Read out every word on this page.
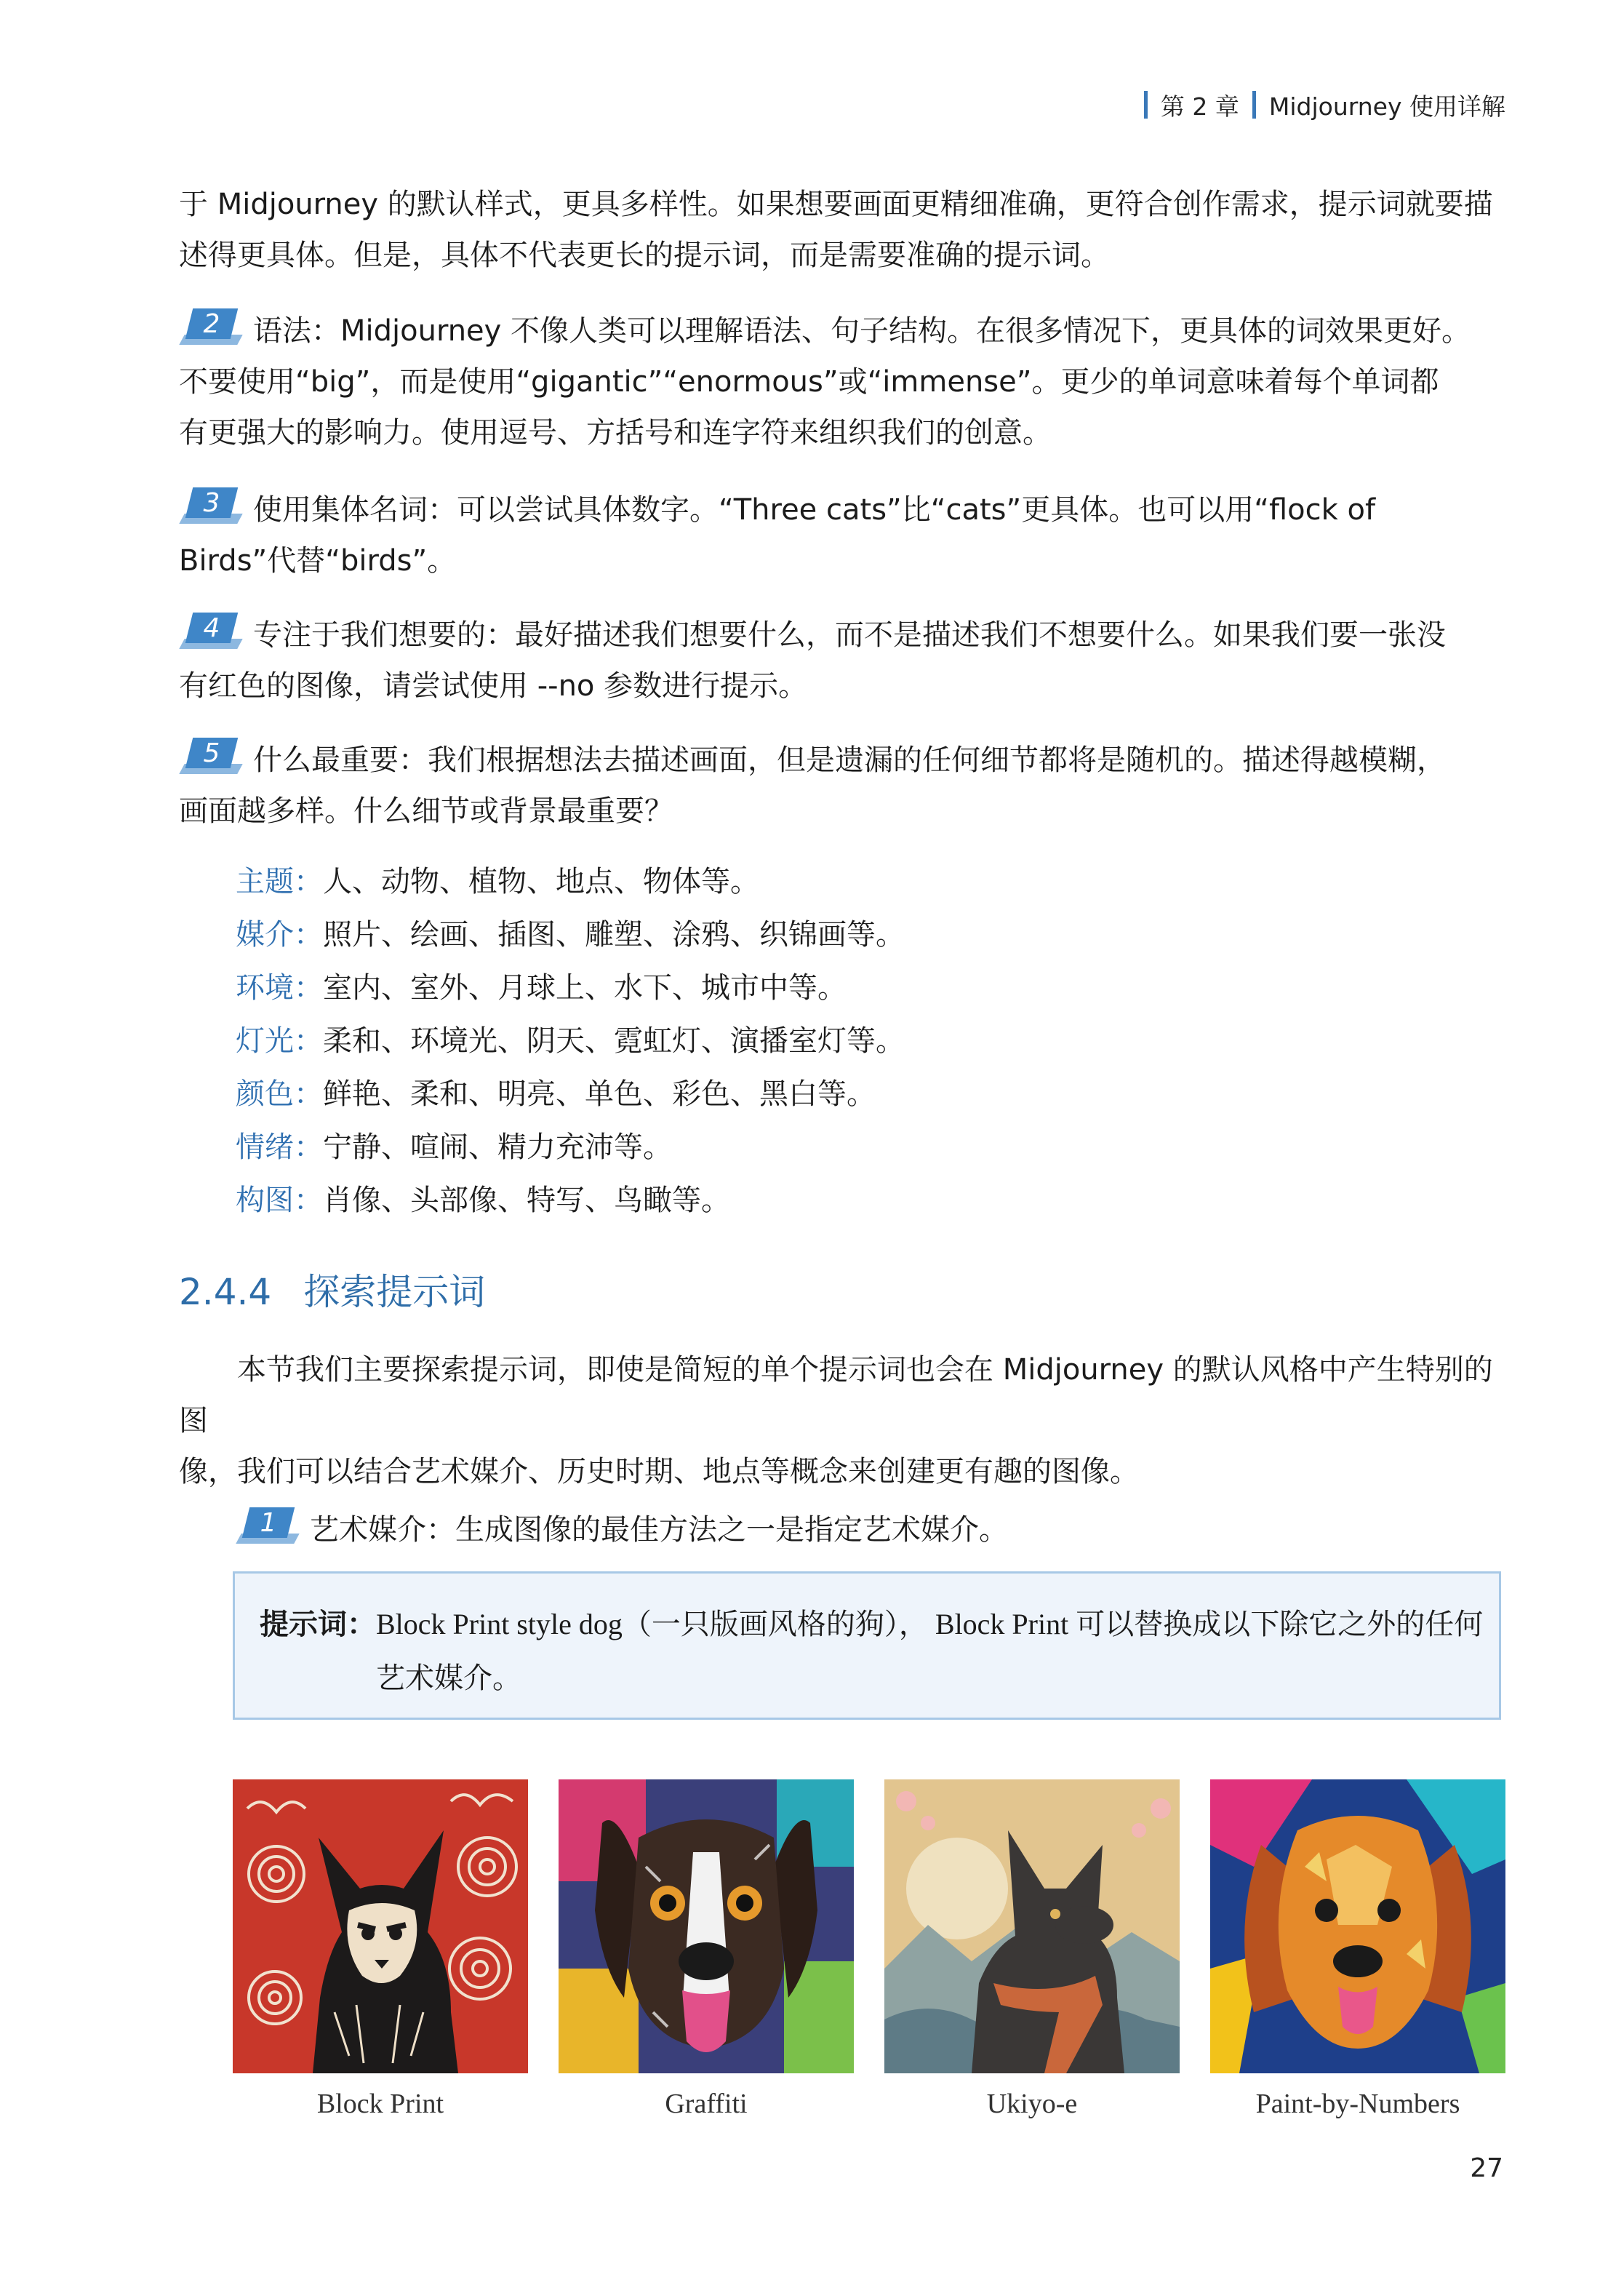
第 2 章 Midjourney 使用详解
于 Midjourney 的默认样式，更具多样性。如果想要画面更精细准确，更符合创作需求，提示词就要描
述得更具体。但是，具体不代表更长的提示词，而是需要准确的提示词。
2	语法：Midjourney 不像人类可以理解语法、句子结构。在很多情况下，更具体的词效果更好。
不要使用“big”，而是使用“gigantic”“enormous”或“immense”。更少的单词意味着每个单词都
有更强大的影响力。使用逗号、方括号和连字符来组织我们的创意。
3	使用集体名词：可以尝试具体数字。“Three cats”比“cats”更具体。也可以用“flock of
Birds”代替“birds”。
4	专注于我们想要的：最好描述我们想要什么，而不是描述我们不想要什么。如果我们要一张没
有红色的图像，请尝试使用 --no 参数进行提示。
5	什么最重要：我们根据想法去描述画面，但是遗漏的任何细节都将是随机的。描述得越模糊，
画面越多样。什么细节或背景最重要？
主题：人、动物、植物、地点、物体等。
媒介：照片、绘画、插图、雕塑、涂鸦、织锦画等。
环境：室内、室外、月球上、水下、城市中等。
灯光：柔和、环境光、阴天、霓虹灯、演播室灯等。
颜色：鲜艳、柔和、明亮、单色、彩色、黑白等。
情绪：宁静、喧闹、精力充沛等。
构图：肖像、头部像、特写、鸟瞰等。
2.4.4 探索提示词
本节我们主要探索提示词，即使是简短的单个提示词也会在 Midjourney 的默认风格中产生特别的图
像，我们可以结合艺术媒介、历史时期、地点等概念来创建更有趣的图像。
1	艺术媒介：生成图像的最佳方法之一是指定艺术媒介。
提示词：Block Print style dog（一只版画风格的狗）， Block Print 可以替换成以下除它之外的任何
艺术媒介。
Block Print	Graffiti	Ukiyo-e	Paint-by-Numbers
27
